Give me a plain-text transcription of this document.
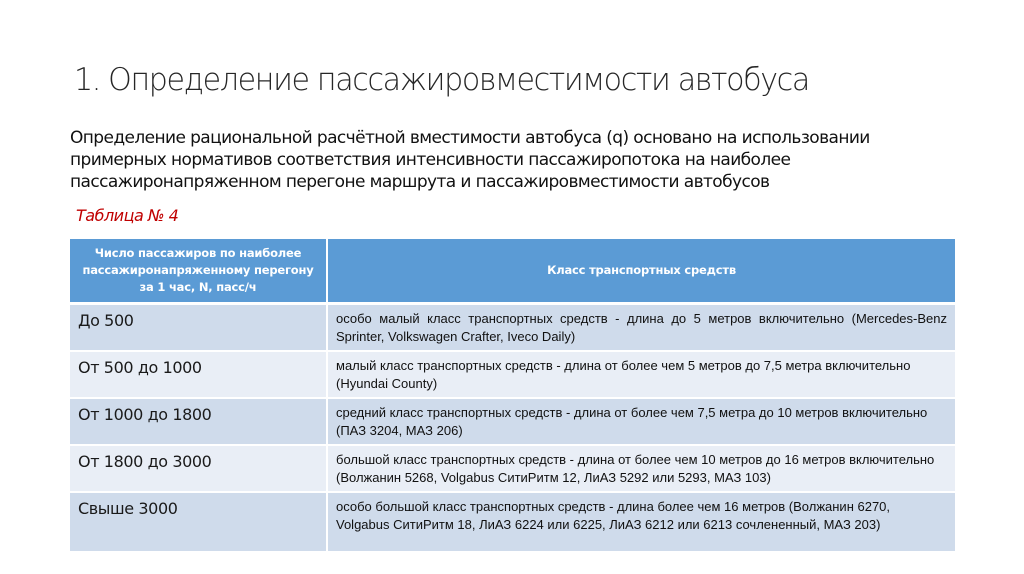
1. Определение пассажировместимости автобуса
Определение рациональной расчётной вместимости автобуса (q) основано на использовании
примерных нормативов соответствия интенсивности пассажиропотока на наиболее
пассажиронапряженном перегоне маршрута и пассажировместимости автобусов
Таблица № 4
Число пассажиров по наиболее пассажиронапряженному перегону за 1 час, N, пасс/ч	Класс транспортных средств
До 500	особо малый класс транспортных средств - длина до 5 метров включительно (Mercedes-Benz Sprinter, Volkswagen Crafter, Iveco Daily)
От 500 до 1000	малый класс транспортных средств - длина от более чем 5 метров до 7,5 метра включительно (Hyundai County)
От 1000 до 1800	средний класс транспортных средств - длина от более чем 7,5 метра до 10 метров включительно (ПАЗ 3204, МАЗ 206)
От 1800 до 3000	большой класс транспортных средств - длина от более чем 10 метров до 16 метров включительно (Волжанин 5268, Volgabus СитиРитм 12, ЛиАЗ 5292 или 5293, МАЗ 103)
Свыше 3000	особо большой класс транспортных средств - длина более чем 16 метров (Волжанин 6270, Volgabus СитиРитм 18, ЛиАЗ 6224 или 6225, ЛиАЗ 6212 или 6213 сочлененный, МАЗ 203)
